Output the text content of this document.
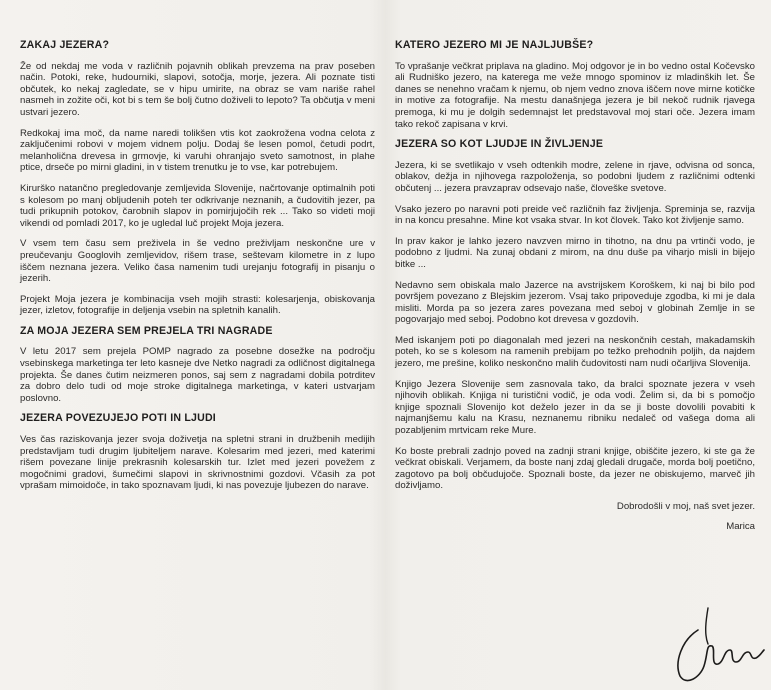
ZAKAJ JEZERA?

Že od nekdaj me voda v različnih pojavnih oblikah prevzema na prav poseben način. Potoki, reke, hudourniki, slapovi, sotočja, morje, jezera. Ali poznate tisti občutek, ko nekaj zagledate, se v hipu umirite, na obraz se vam nariše rahel nasmeh in zožite oči, kot bi s tem še bolj čutno doživeli to lepoto? Ta občutja v meni ustvari jezero.

Redkokaj ima moč, da name naredi tolikšen vtis kot zaokrožena vodna celota z zaključenimi robovi v mojem vidnem polju. Dodaj še lesen pomol, četudi podrt, melanholična drevesa in grmovje, ki varuhi ohranjajo sveto samotnost, in plahe ptice, drseče po mirni gladini, in v tistem trenutku je to vse, kar potrebujem.

Kirurško natančno pregledovanje zemljevida Slovenije, načrtovanje optimalnih poti s kolesom po manj obljudenih poteh ter odkrivanje neznanih, a čudovitih jezer, pa tudi prikupnih potokov, čarobnih slapov in pomirjujočih rek ... Tako so videti moji vikendi od pomladi 2017, ko je ugledal luč projekt Moja jezera.

V vsem tem času sem preživela in še vedno preživljam neskončne ure v preučevanju Googlovih zemljevidov, rišem trase, seštevam kilometre in z lupo iščem neznana jezera. Veliko časa namenim tudi urejanju fotografij in pisanju o jezerih.

Projekt Moja jezera je kombinacija vseh mojih strasti: kolesarjenja, obiskovanja jezer, izletov, fotografije in deljenja vsebin na spletnih kanalih.

ZA MOJA JEZERA SEM PREJELA TRI NAGRADE

V letu 2017 sem prejela POMP nagrado za posebne dosežke na področju vsebinskega marketinga ter leto kasneje dve Netko nagradi za odličnost digitalnega projekta. Še danes čutim neizmeren ponos, saj sem z nagradami dobila potrditev za dobro delo tudi od moje stroke digitalnega marketinga, v kateri ustvarjam poslovno.

JEZERA POVEZUJEJO POTI IN LJUDI

Ves čas raziskovanja jezer svoja doživetja na spletni strani in družbenih medijih predstavljam tudi drugim ljubiteljem narave. Kolesarim med jezeri, med katerimi rišem povezane linije prekrasnih kolesarskih tur. Izlet med jezeri povežem z mogočnimi gradovi, šumečimi slapovi in skrivnostnimi gozdovi. Včasih za pot vprašam mimoidoče, in tako spoznavam ljudi, ki nas povezuje ljubezen do narave.

KATERO JEZERO MI JE NAJLJUBŠE?

To vprašanje večkrat priplava na gladino. Moj odgovor je in bo vedno ostal Kočevsko ali Rudniško jezero, na katerega me veže mnogo spominov iz mladinških let. Še danes se nenehno vračam k njemu, ob njem vedno znova iščem nove mirne kotičke in motive za fotografije. Na mestu današnjega jezera je bil nekoč rudnik rjavega premoga, ki mu je dolgih sedemnajst let predstavoval moj stari oče. Jezera imam tako rekoč zapisana v krvi.

JEZERA SO KOT LJUDJE IN ŽIVLJENJE

Jezera, ki se svetlikajo v vseh odtenkih modre, zelene in rjave, odvisna od sonca, oblakov, dežja in njihovega razpoloženja, so podobni ljudem z različnimi odtenki občutenj ... jezera pravzaprav odsevajo naše, človeške svetove.

Vsako jezero po naravni poti preide več različnih faz življenja. Spreminja se, razvija in na koncu presahne. Mine kot vsaka stvar. In kot človek. Tako kot življenje samo.

In prav kakor je lahko jezero navzven mirno in tihotno, na dnu pa vrtinči vodo, je podobno z ljudmi. Na zunaj obdani z mirom, na dnu duše pa viharjo misli in bijejo bitke ...

Nedavno sem obiskala malo Jazerce na avstrijskem Koroškem, ki naj bi bilo pod površjem povezano z Blejskim jezerom. Vsaj tako pripoveduje zgodba, ki mi je dala misliti. Morda pa so jezera zares povezana med seboj v globinah Zemlje in se pogovarjajo med seboj. Podobno kot drevesa v gozdovih.

Med iskanjem poti po diagonalah med jezeri na neskončnih cestah, makadamskih poteh, ko se s kolesom na ramenih prebijam po težko prehodnih poljih, da najdem jezero, me prešine, koliko neskončno malih čudovitosti nam nudi očarljiva Slovenija.

Knjigo Jezera Slovenije sem zasnovala tako, da bralci spoznate jezera v vseh njihovih oblikah. Knjiga ni turistični vodič, je oda vodi. Želim si, da bi s pomočjo knjige spoznali Slovenijo kot deželo jezer in da se ji boste dovolili povabiti k najmanjšemu kalu na Krasu, neznanemu ribniku nedaleč od vašega doma ali pozabljenim mrtvicam reke Mure.

Ko boste prebrali zadnjo poved na zadnji strani knjige, obiščite jezero, ki ste ga že večkrat obiskali. Verjamem, da boste nanj zdaj gledali drugače, morda bolj poetično, zagotovo pa bolj občudujoče. Spoznali boste, da jezer ne obiskujemo, marveč jih doživljamo.

Dobrodošli v moj, naš svet jezer.

Marica
